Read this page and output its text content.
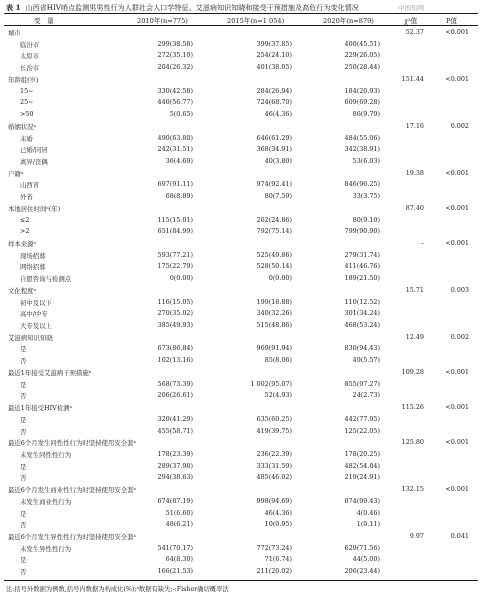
表 1 山西省HIV哨点监测男男性行为人群社会人口学特征、艾滋病知识知晓和接受干预措施及高危行为变化情况	中国知网
变　量	2010年(n=775)	2015年(n=1 054)	2020年(n=879)	χ²值	P值
城市	52.37	<0.001
临汾市	299(38.58)	399(37.85)	400(45.51)
太原市	272(35.10)	254(24.10)	229(26.05)
长治市	204(26.32)	401(38.05)	250(28.44)
年龄组(岁)	151.44	<0.001
15~	330(42.58)	284(26.94)	184(20.93)
25~	440(56.77)	724(68.70)	609(69.28)
>50	5(0.65)	46(4.36)	86(9.79)
婚姻状况ᵃ	17.16	0.002
未婚	490(63.80)	646(61.29)	484(55.06)
已婚/同居	242(31.51)	368(34.91)	342(38.91)
离异/丧偶	36(4.69)	40(3.80)	53(6.03)
户籍ᵃ	19.38	<0.001
山西省	697(91.11)	974(92.41)	846(96.25)
外省	68(8.89)	80(7.59)	33(3.75)
本地居住时间ᵃ(年)	87.40	<0.001
≤2	115(15.01)	262(24.86)	80(9.10)
>2	651(84.99)	792(75.14)	799(90.90)
样本来源ᵃ	–	<0.001
现场招募	593(77.21)	525(49.86)	279(31.74)
网络招募	175(22.79)	528(50.14)	411(46.76)
自愿咨询与检测点	0(0.00)	0(0.00)	189(21.50)
文化程度ᵃ	15.71	0.003
初中及以下	116(15.05)	199(18.88)	110(12.52)
高中/中专	270(35.02)	340(32.26)	301(34.24)
大专及以上	385(49.93)	515(48.86)	468(53.24)
艾滋病知识知晓	12.49	0.002
是	673(86.84)	969(91.94)	830(94.43)
否	102(13.16)	85(8.06)	49(5.57)
最近1年接受艾滋病干预措施ᵃ	109.28	<0.001
是	568(73.39)	1 002(95.07)	855(97.27)
否	206(26.61)	52(4.93)	24(2.73)
最近1年接受HIV检测ᵃ	115.26	<0.001
是	320(41.29)	635(60.25)	442(77.95)
否	455(58.71)	419(39.75)	125(22.05)
最近6个月发生同性性行为时坚持使用安全套ᵃ	125.80	<0.001
未发生同性性行为	178(23.39)	236(22.39)	178(20.25)
是	289(37.98)	333(31.59)	482(54.84)
否	294(38.63)	485(46.02)	219(24.91)
最近6个月发生商业性行为时坚持使用安全套ᵃ	132.15	<0.001
未发生商业性行为	674(87.19)	998(94.69)	874(99.43)
是	51(6.60)	46(4.36)	4(0.46)
否	48(6.21)	10(0.95)	1(0.11)
最近6个月发生异性性行为时坚持使用安全套ᵃ	9.97	0.041
未发生异性性行为	541(70.17)	772(73.24)	629(71.56)
是	64(8.30)	71(6.74)	44(5.00)
否	166(21.53)	211(20.02)	206(23.44)
注:括号外数据为例数,括号内数据为构成比(%);ᵃ数据有缺失;-:Fisher确切概率法
